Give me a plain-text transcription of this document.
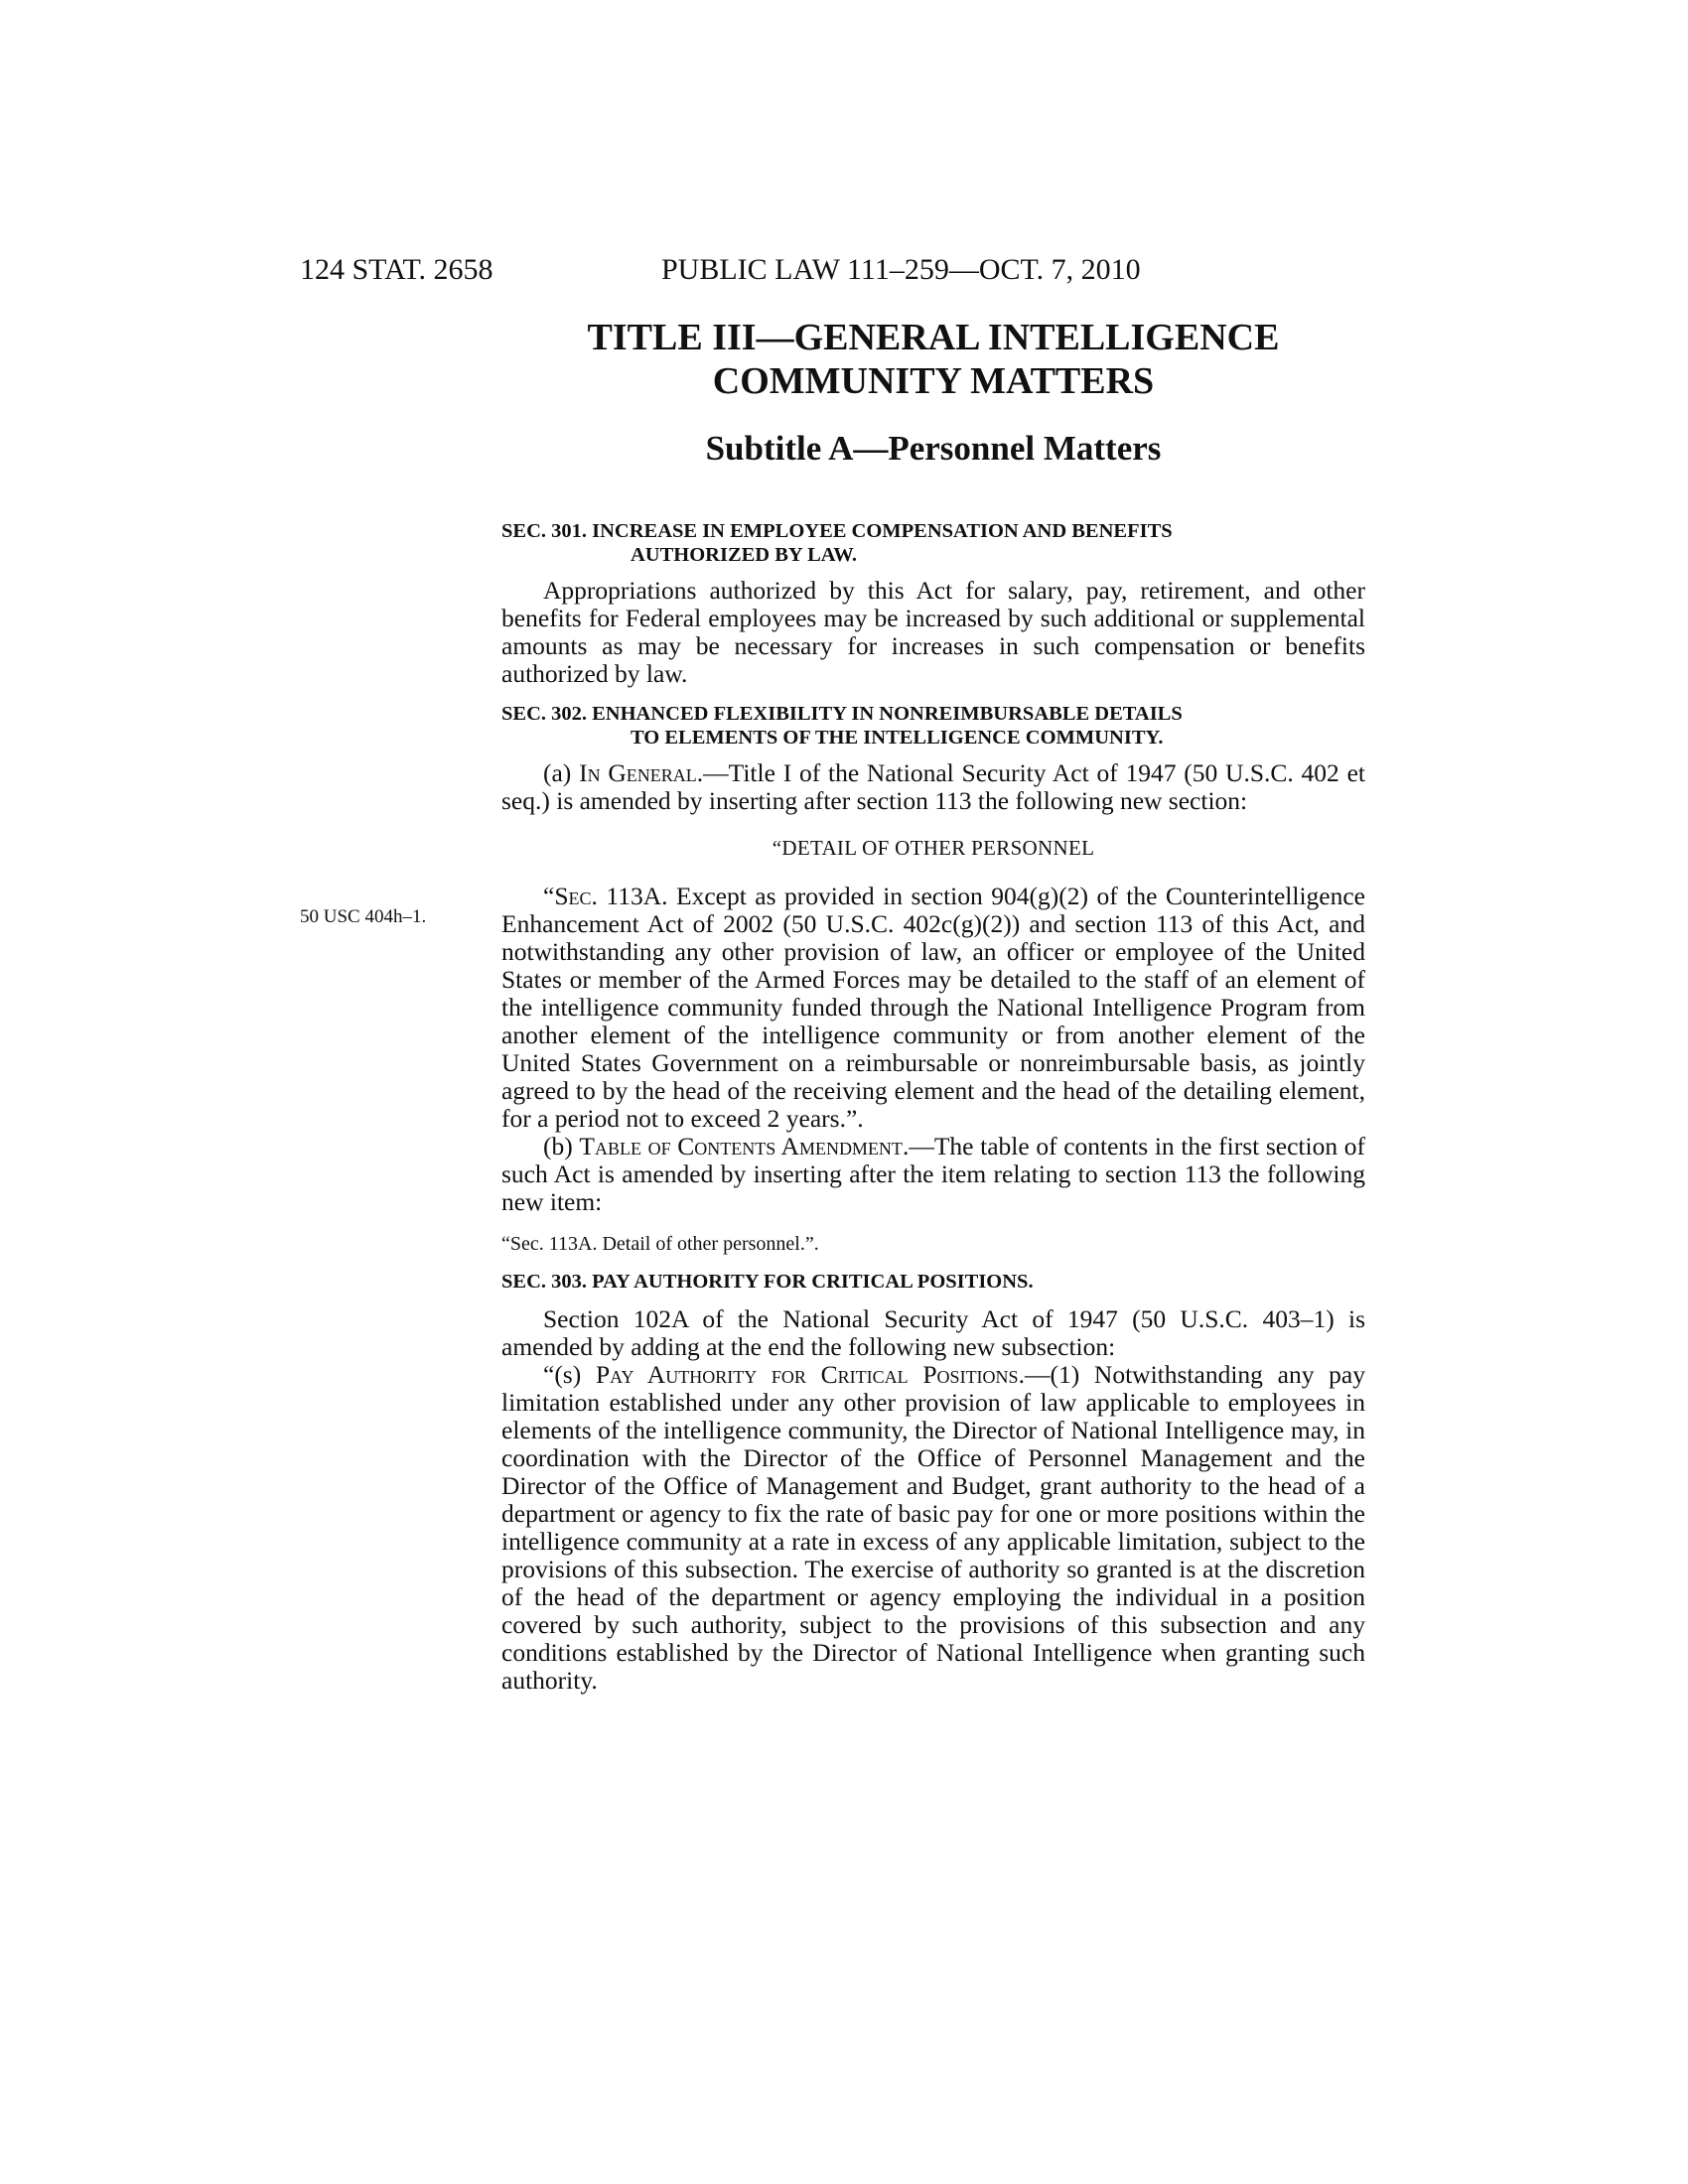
124 STAT. 2658	PUBLIC LAW 111–259—OCT. 7, 2010
TITLE III—GENERAL INTELLIGENCE
COMMUNITY MATTERS
Subtitle A—Personnel Matters
50 USC 404h–1.
SEC. 301. INCREASE IN EMPLOYEE COMPENSATION AND BENEFITS
AUTHORIZED BY LAW.

Appropriations authorized by this Act for salary, pay, retirement, and other benefits for Federal employees may be increased by such additional or supplemental amounts as may be necessary for increases in such compensation or benefits authorized by law.

SEC. 302. ENHANCED FLEXIBILITY IN NONREIMBURSABLE DETAILS
TO ELEMENTS OF THE INTELLIGENCE COMMUNITY.

(a) In General.—Title I of the National Security Act of 1947 (50 U.S.C. 402 et seq.) is amended by inserting after section 113 the following new section:

“DETAIL OF OTHER PERSONNEL

“Sec. 113A. Except as provided in section 904(g)(2) of the Counterintelligence Enhancement Act of 2002 (50 U.S.C. 402c(g)(2)) and section 113 of this Act, and notwithstanding any other provision of law, an officer or employee of the United States or member of the Armed Forces may be detailed to the staff of an element of the intelligence community funded through the National Intelligence Program from another element of the intelligence community or from another element of the United States Government on a reimbursable or nonreimbursable basis, as jointly agreed to by the head of the receiving element and the head of the detailing element, for a period not to exceed 2 years.”.

(b) Table of Contents Amendment.—The table of contents in the first section of such Act is amended by inserting after the item relating to section 113 the following new item:

“Sec. 113A. Detail of other personnel.”.
SEC. 303. PAY AUTHORITY FOR CRITICAL POSITIONS.

Section 102A of the National Security Act of 1947 (50 U.S.C. 403–1) is amended by adding at the end the following new subsection:

“(s) Pay Authority for Critical Positions.—(1) Notwithstanding any pay limitation established under any other provision of law applicable to employees in elements of the intelligence community, the Director of National Intelligence may, in coordination with the Director of the Office of Personnel Management and the Director of the Office of Management and Budget, grant authority to the head of a department or agency to fix the rate of basic pay for one or more positions within the intelligence community at a rate in excess of any applicable limitation, subject to the provisions of this subsection. The exercise of authority so granted is at the discretion of the head of the department or agency employing the individual in a position covered by such authority, subject to the provisions of this subsection and any conditions established by the Director of National Intelligence when granting such authority.
